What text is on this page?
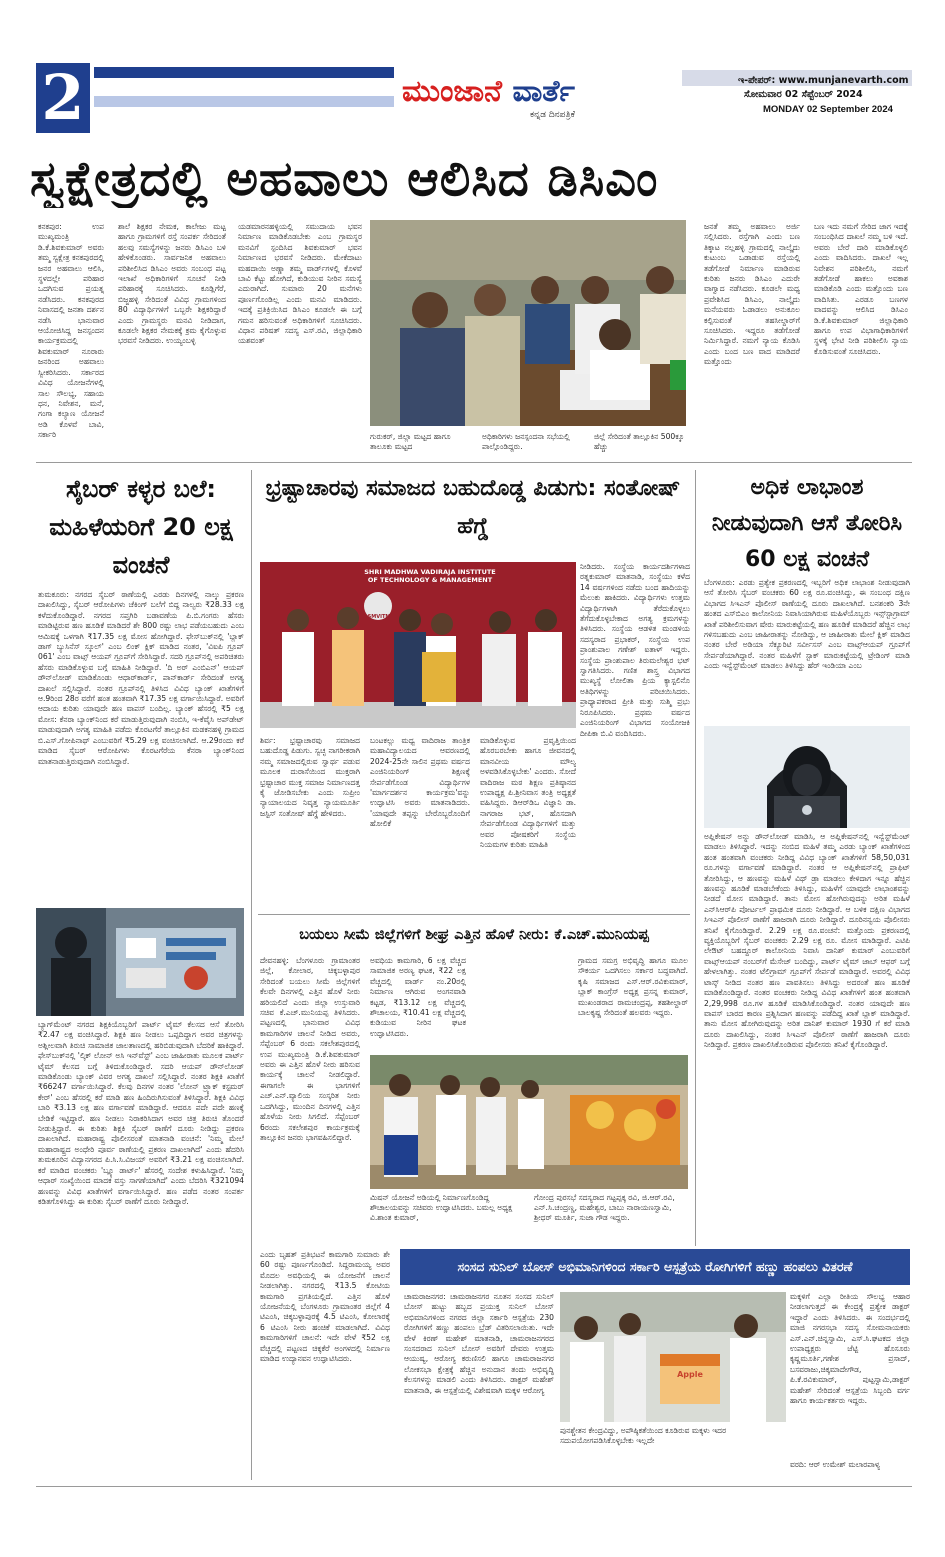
2	ಮುಂಜಾನೆ ವಾರ್ತೆ
ಕನ್ನಡ ದಿನಪತ್ರಿಕೆ
ಇ-ಪೇಪರ್: www.munjanevarth.com
ಸೋಮವಾರ 02 ಸೆಪ್ಟೆಂಬರ್ 2024
MONDAY 02 September 2024
ಸ್ವಕ್ಷೇತ್ರದಲ್ಲಿ ಅಹವಾಲು ಆಲಿಸಿದ ಡಿಸಿಎಂ
ಕನಕಪುರ: ಉಪ ಮುಖ್ಯಮಂತ್ರಿ ಡಿ.ಕೆ.ಶಿವಕುಮಾರ್ ಅವರು ತಮ್ಮ ಸ್ವಕ್ಷೇತ್ರ ಕನಕಪುರದಲ್ಲಿ ಜನರ ಅಹವಾಲು ಆಲಿಸಿ, ಸ್ಥಳದಲ್ಲೇ ಪರಿಹಾರ ಒದಗಿಸುವ ಪ್ರಯತ್ನ ನಡೆಸಿದರು. ಕನಕಪುರದ ನಿವಾಸದಲ್ಲಿ ಜನತಾ ದರ್ಶನ ನಡೆಸಿ ಭಾನುವಾರ ಆಯೋಜಿಸಿದ್ದ ಜನಸ್ಪಂದನ ಕಾರ್ಯಕ್ರಮದಲ್ಲಿ ಶಿವಕುಮಾರ್ ನೂರಾರು ಜನರಿಂದ ಅಹವಾಲು ಸ್ವೀಕರಿಸಿದರು. ಸರ್ಕಾರದ ವಿವಿಧ ಯೋಜನೆಗಳಲ್ಲಿ ಸಾಲ ಸೌಲಭ್ಯ, ಸಹಾಯ ಧನ, ನಿವೇಶನ, ಮನೆ, ಗಂಗಾ ಕಲ್ಯಾಣ ಯೋಜನೆ ಅಡಿ ಕೊಳವೆ ಬಾವಿ, ಸರ್ಕಾರಿ
ಶಾಲೆ ಶಿಕ್ಷಕರ ನೇಮಕ, ಕಾಲೇಜು ಮಟ್ಟ ಹಾಗೂ ಗ್ರಾಮಗಳಿಗೆ ರಸ್ತೆ ಸಂಪರ್ಕ ಸೇರಿದಂತೆ ಹಲವು ಸಮಸ್ಯೆಗಳನ್ನು ಜನರು ಡಿಸಿಎಂ ಬಳಿ ಹೇಳಿಕೊಂಡರು. ಸಾರ್ವಜನಿಕ ಅಹವಾಲು ಪರಿಶೀಲಿಸಿದ ಡಿಸಿಎಂ ಅವರು ಸಂಬಂಧ ಪಟ್ಟ ಇಲಾಖೆ ಅಧಿಕಾರಿಗಳಿಗೆ ಸೂಚನೆ ನೀಡಿ ಪರಿಹಾರಕ್ಕೆ ಸೂಚಿಸಿದರು. ಕೂಡ್ಲಿಗೆರೆ, ಬಿಜ್ಜಹಳ್ಳಿ ಸೇರಿದಂತೆ ವಿವಿಧ ಗ್ರಾಮಗಳಿಂದ 80 ವಿದ್ಯಾರ್ಥಿಗಳಿಗೆ ಒಬ್ಬರೇ ಶಿಕ್ಷಕರಿದ್ದಾರೆ ಎಂದು ಗ್ರಾಮಸ್ಥರು ಮನವಿ ನೀಡಿದಾಗ, ಕೂಡಲೇ ಶಿಕ್ಷಕರ ನೇಮಕಕ್ಕೆ ಕ್ರಮ ಕೈಗೊಳ್ಳುವ ಭರವಸೆ ನೀಡಿದರು. ಉಯ್ಯಂಬಳ್ಳಿ
ಯಡಮಾರನಹಳ್ಳಿಯಲ್ಲಿ ಸಮುದಾಯ ಭವನ ನಿರ್ಮಾಣ ಮಾಡಿಕೊಡಬೇಕು ಎಂಬ ಗ್ರಾಮಸ್ಥರ ಮನವಿಗೆ ಸ್ಪಂದಿಸಿದ ಶಿವಕುಮಾರ್ ಭವನ ನಿರ್ಮಾಣದ ಭರವಸೆ ನೀಡಿದರು. ಮೇಕೆದಾಟು ಮಹದಾಯಿ ಅಣ್ಣಾ ತಮ್ಮ ವಾರ್ಡ್‌ಗಳಲ್ಲಿ ಕೊಳವೆ ಬಾವಿ ಕೆಟ್ಟು ಹೋಗಿದೆ, ಕುಡಿಯುವ ನೀರಿನ ಸಮಸ್ಯೆ ಎದುರಾಗಿದೆ. ಸುಮಾರು 20 ಮನೆಗಳು ಪೂರ್ಣಗೊಂಡಿಲ್ಲ ಎಂದು ಮನವಿ ಮಾಡಿದರು. ಇದಕ್ಕೆ ಪ್ರತಿಕ್ರಿಯಿಸಿದ ಡಿಸಿಎಂ ಕೂಡಲೇ ಈ ಬಗ್ಗೆ ಗಮನ ಹರಿಸುವಂತೆ ಅಧಿಕಾರಿಗಳಿಗೆ ಸೂಚಿಸಿದರು. ವಿಧಾನ ಪರಿಷತ್ ಸದಸ್ಯ ಎಸ್.ರವಿ, ಜಿಲ್ಲಾಧಿಕಾರಿ ಯಶವಂತ್
ಗುರುಕರ್, ಜಿಲ್ಲಾ ಮಟ್ಟದ ಹಾಗೂ ತಾಲೂಕು ಮಟ್ಟದ
ಅಧಿಕಾರಿಗಳು ಜನಸ್ಪಂದನಾ ಸಭೆಯಲ್ಲಿ ಪಾಲ್ಗೊಂಡಿದ್ದರು.
ಜಿಲ್ಲೆ ಸೇರಿದಂತೆ ತಾಲ್ಲೂಕಿನ 500ಕ್ಕೂ ಹೆಚ್ಚು
ಜನತೆ ತಮ್ಮ ಅಹವಾಲು ಅರ್ಜಿ ಸಲ್ಲಿಸಿದರು. ರಸ್ತೆಗಾಗಿ ಎಂದು ಬಣ ತಿಕ್ಕಾಟ ನಲ್ಲಹಳ್ಳಿ ಗ್ರಾಮದಲ್ಲಿ ನಾಲ್ಕೈದು ಕುಟುಂಬ ಒಡಾಡುವ ರಸ್ತೆಯಲ್ಲಿ ತಡೆಗೋಡೆ ನಿರ್ಮಾಣ ಮಾಡಿರುವ ಕುರಿತು ಜನರು ಡಿಸಿಎಂ ಎದುರೇ ವಾಗ್ವಾದ ನಡೆಸಿದರು. ಕೂಡಲೇ ಮಧ್ಯ ಪ್ರವೇಶಿಸಿದ ಡಿಸಿಎಂ, ನಾಲ್ಕೈದು ಮನೆಯವರು ಓಡಾಡಲು ಅನುಕೂಲ ಕಲ್ಪಿಸುವಂತೆ ತಹಸೀಲ್ದಾರ್‌ಗೆ ಸೂಚಿಸಿದರು. ಇದ್ದರೂ ತಡೆಗೋಡೆ ನಿರ್ಮಿಸಿದ್ದಾರೆ. ನಮಗೆ ನ್ಯಾಯ ಕೊಡಿಸಿ ಎಂದು ಬಂದ ಬಣ ವಾದ ಮಾಡಿದರೆ ಮತ್ತೊಂದು
ಬಣ ಇದು ನಮಗೆ ಸೇರಿದ ಜಾಗ ಇದಕ್ಕೆ ಸಂಬಂಧಿಸಿದ ದಾಖಲೆ ನಮ್ಮ ಬಳಿ ಇದೆ. ಅವರು ಬೇರೆ ದಾರಿ ಮಾಡಿಕೊಳ್ಳಲಿ ಎಂದು ವಾದಿಸಿದರು. ದಾಖಲೆ ಇಲ್ಲ ನಿವೇಶನ ಪರಿಶೀಲಿಸಿ, ನಮಗೆ ತಡೆಗೋಡೆ ಹಾಕಲು ಅವಕಾಶ ಮಾಡಿಕೊಡಿ ಎಂದು ಮತ್ತೊಂದು ಬಣ ವಾದಿಸಿತು. ಎರಡೂ ಬಣಗಳ ವಾದವನ್ನು ಆಲಿಸಿದ ಡಿಸಿಎಂ ಡಿ.ಕೆ.ಶಿವಕುಮಾರ್ ಜಿಲ್ಲಾಧಿಕಾರಿ ಹಾಗೂ ಉಪ ವಿಭಾಗಾಧಿಕಾರಿಗಳಿಗೆ ಸ್ಥಳಕ್ಕೆ ಭೇಟಿ ನೀಡಿ ಪರಿಶೀಲಿಸಿ ನ್ಯಾಯ ಕೊಡಿಸುವಂತೆ ಸೂಚಿಸಿದರು.
ಸೈಬರ್ ಕಳ್ಳರ ಬಲೆ: ಮಹಿಳೆಯರಿಗೆ 20 ಲಕ್ಷ ವಂಚನೆ
ತುಮಕೂರು: ನಗರದ ಸೈಬರ್ ಠಾಣೆಯಲ್ಲಿ ಎರಡು ದಿನಗಳಲ್ಲಿ ನಾಲ್ಕು ಪ್ರಕರಣ ದಾಖಲಿಸಿದ್ದು, ಸೈಬರ್ ಆರೋಪಿಗಳು ಚೆಕಿಂಗ್ ಬಲೆಗೆ ಬಿದ್ದ ನಾಲ್ವರು ₹28.33 ಲಕ್ಷ ಕಳೆದುಕೊಂಡಿದ್ದಾರೆ. ನಗರದ ಸಪ್ತಗಿರಿ ಬಡಾವಣೆಯ ಪಿ.ಬಿ.ಗಂಗರು ಹೆಸರು ಮಾಡಿಟ್ಟಿರುವ ಹಣ ಹೂಡಿಕೆ ಮಾಡಿದರೆ ಶೇ 800 ರಷ್ಟು ಲಾಭ ಪಡೆಯಬಹುದು ಎಂಬ ಆಮಿಷಕ್ಕೆ ಒಳಗಾಗಿ ₹17.35 ಲಕ್ಷ ಮೋಸ ಹೋಗಿದ್ದಾರೆ. ಫೇಸ್‌ಬುಕ್‌ನಲ್ಲಿ 'ಬ್ಲಾಕ್ ಡಾಗ್ ಬ್ಯುಸಿನೆಸ್ ಸ್ಕೂಲ್' ಎಂಬ ಲಿಂಕ್ ಕ್ಲಿಕ್ ಮಾಡಿದ ನಂತರ, 'ವಿಐಪಿ ಗ್ರೂಪ್ 061' ಎಂಬ ವಾಟ್ಸ್ ಆಯಪ್ ಗ್ರೂಪ್‌ಗೆ ಸೇರಿಸಿದ್ದಾರೆ. ಸದರಿ ಗ್ರೂಪ್‌ನಲ್ಲಿ ಅಪರಿಚಿತರು ಹೆಸರು ಮಾಡಿಕೊಳ್ಳುವ ಬಗ್ಗೆ ಮಾಹಿತಿ ನೀಡಿದ್ದಾರೆ. 'ದಿ ಅರ್ ಎಂಬಿಎನ್' ಆಯಪ್ ಡೌನ್‌ಲೋಡ್ ಮಾಡಿಕೊಂಡು ಆಧಾರ್‌ಕಾರ್ಡ್, ಪಾನ್‌ಕಾರ್ಡ್ ಸೇರಿದಂತೆ ಅಗತ್ಯ ದಾಖಲೆ ಸಲ್ಲಿಸಿದ್ದಾರೆ. ನಂತರ ಗ್ರೂಪ್‌ನಲ್ಲಿ ತಿಳಿಸಿದ ವಿವಿಧ ಬ್ಯಾಂಕ್ ಖಾತೆಗಳಿಗೆ ಆ.9ರಿಂದ 28ರ ವರೆಗೆ ಹಂತ ಹಂತವಾಗಿ ₹17.35 ಲಕ್ಷ ವರ್ಗಾಯಿಸಿದ್ದಾರೆ. ಅವರಿಗೆ ಆದಾಯ ಕುರಿತು ಯಾವುದೇ ಹಣ ವಾಪಸ್ ಬಂದಿಲ್ಲ. ಬ್ಯಾಂಕ್ ಹೆಸರಲ್ಲಿ ₹5 ಲಕ್ಷ ಮೋಸ: ಕೆನರಾ ಬ್ಯಾಂಕ್‌ನಿಂದ ಕರೆ ಮಾಡುತ್ತಿರುವುದಾಗಿ ನಂಬಿಸಿ, ಇ-ಕೆವೈಸಿ ಅಪ್‌ಡೇಟ್ ಮಾಡುವುದಾಗಿ ಅಗತ್ಯ ಮಾಹಿತಿ ಪಡೆದು ಕೊರಟಗೆರೆ ತಾಲ್ಲೂಕಿನ ಮಡಕನಹಳ್ಳಿ ಗ್ರಾಮದ ಬಿ.ಎಸ್.ಗೋಪಿನಾಥ್ ಎಂಬುವರಿಗೆ ₹5.29 ಲಕ್ಷ ವಂಚಿಸಲಾಗಿದೆ. ಆ.29ರಂದು ಕರೆ ಮಾಡಿದ ಸೈಬರ್ ಆರೋಪಿಗಳು ಕೊರಟಗೆರೆಯ ಕೆನರಾ ಬ್ಯಾಂಕ್‌ನಿಂದ ಮಾತನಾಡುತ್ತಿರುವುದಾಗಿ ನಂಬಿಸಿದ್ದಾರೆ.
ಬ್ಯಾಗ್‌ಮೆಂಟ್ ನಗರದ ಶಿಕ್ಷಕಿಯೊಬ್ಬರಿಗೆ ಪಾರ್ಟ್ ಟೈಮ್ ಕೆಲಸದ ಆಸೆ ತೋರಿಸಿ ₹2.47 ಲಕ್ಷ ವಂಚಿಸಿದ್ದಾರೆ. ಶಿಕ್ಷಕಿ ಹಣ ನೀಡಲು ಒಪ್ಪದಿದ್ದಾಗ ಅವರ ಚಿತ್ರಗಳನ್ನು ಅಶ್ಲೀಲವಾಗಿ ತಿರುಚಿ ಸಾಮಾಜಿಕ ಜಾಲತಾಣದಲ್ಲಿ ಹರಿಬಿಡುವುದಾಗಿ ಬೆದರಿಕೆ ಹಾಕಿದ್ದಾರೆ. ಫೇಸ್‌ಬುಕ್‌ನಲ್ಲಿ 'ಲ್ಕಿಕ್ ಲೋನ್ ಅಸಿ ಇನ್‌ವೆಸ್ಟ್' ಎಂಬ ಜಾಹೀರಾತು ಮೂಲಕ ಪಾರ್ಟ್ ಟೈಮ್ ಕೆಲಸದ ಬಗ್ಗೆ ತಿಳಿದುಕೊಂಡಿದ್ದಾರೆ. ಸದರಿ ಆಯಪ್ ಡೌನ್‌ಲೋಡ್ ಮಾಡಿಕೊಂಡು ಬ್ಯಾಂಕ್ ವಿವರ ಅಗತ್ಯ ದಾಖಲೆ ಸಲ್ಲಿಸಿದ್ದಾರೆ. ನಂತರ ಶಿಕ್ಷಕಿ ಖಾತೆಗೆ ₹66247 ವರ್ಗಾಯಿಸಿದ್ದಾರೆ. ಕೆಲವು ದಿನಗಳ ನಂತರ 'ಲೋನ್ ಟ್ರ್ಯಾಕ್ ಕಸ್ಟಮರ್ ಕೇರ್' ಎಂಬ ಹೆಸರಲ್ಲಿ ಕರೆ ಮಾಡಿ ಹಣ ಹಿಂದಿರುಗಿಸುವಂತೆ ತಿಳಿಸಿದ್ದಾರೆ. ಶಿಕ್ಷಕಿ ವಿವಿಧ ಬಾರಿ ₹3.13 ಲಕ್ಷ ಹಣ ವರ್ಗಾವಣೆ ಮಾಡಿದ್ದಾರೆ. ಆದರೂ ಪದೇ ಪದೇ ಹಣಕ್ಕೆ ಬೇಡಿಕೆ ಇಟ್ಟಿದ್ದಾರೆ. ಹಣ ನೀಡಲು ನಿರಾಕರಿಸಿದಾಗ ಅವರ ಚಿತ್ರ ತಿರುಚಿ ತೊಂದರೆ ನೀಡುತ್ತಿದ್ದಾರೆ. ಈ ಕುರಿತು ಶಿಕ್ಷಕಿ ಸೈಬರ್ ಠಾಣೆಗೆ ದೂರು ನೀಡಿದ್ದು ಪ್ರಕರಣ ದಾಖಲಾಗಿದೆ. ಮಹಾರಾಷ್ಟ್ರ ಪೊಲೀಸರಂತೆ ಮಾತನಾಡಿ ವಂಚನೆ: 'ನಿಮ್ಮ ಮೇಲೆ ಮಹಾರಾಷ್ಟ್ರದ ಅಂಧೇರಿ ಪೂರ್ವ ಠಾಣೆಯಲ್ಲಿ ಪ್ರಕರಣ ದಾಖಲಾಗಿದೆ' ಎಂದು ಹೆದರಿಸಿ ತುಮಕೂರಿನ ವಿದ್ಯಾನಗರದ ಪಿ.ಸಿ.ಸಿ.ವಿಜಯ್ ಅವರಿಗೆ ₹3.21 ಲಕ್ಷ ವಂಚಿಸಲಾಗಿದೆ. ಕರೆ ಮಾಡಿದ ವಂಚಕರು 'ಬ್ಲ್ಯೂ ಡಾರ್ಟ್' ಹೆಸರಲ್ಲಿ ಸಂದೇಶ ಕಳುಹಿಸಿದ್ದಾರೆ. 'ನಿಮ್ಮ ಆಧಾರ್ ಸಂಖ್ಯೆಯಿಂದ ಮಾದಕ ವಸ್ತು ಸಾಗಣೆಯಾಗಿದೆ' ಎಂದು ಬೆದರಿಸಿ ₹321094 ಹಣವನ್ನು ವಿವಿಧ ಖಾತೆಗಳಿಗೆ ವರ್ಗಾಯಿಸಿದ್ದಾರೆ. ಹಣ ಪಡೆದ ನಂತರ ಸಂಪರ್ಕ ಕಡಿತಗೊಳಿಸಿದ್ದು ಈ ಕುರಿತು ಸೈಬರ್ ಠಾಣೆಗೆ ದೂರು ನೀಡಿದ್ದಾರೆ.
ಭ್ರಷ್ಟಾಚಾರವು ಸಮಾಜದ ಬಹುದೊಡ್ಡ ಪಿಡುಗು: ಸಂತೋಷ್ ಹೆಗ್ಡೆ
SHRI MADHWA VADIRAJA INSTITUTE OF TECHNOLOGY & MANAGEMENT
SMVITM
ನೀಡಿದರು. ಸಂಸ್ಥೆಯ ಕಾರ್ಯದರ್ಶಿಗಳಾದ ರತ್ನಕುಮಾರ್ ಮಾತನಾಡಿ, ಸಂಸ್ಥೆಯು ಕಳೆದ 14 ವರ್ಷಗಳಿಂದ ನಡೆದು ಬಂದ ಹಾದಿಯನ್ನು ಮೆಲುಕು ಹಾಕಿದರು. ವಿದ್ಯಾರ್ಥಿಗಳು ಉತ್ತಮ ವಿದ್ಯಾರ್ಥಿಗಳಾಗಿ ತೆರೆದುಕೊಳ್ಳಲು ತೆಗೆದುಕೊಳ್ಳಬೇಕಾದ ಅಗತ್ಯ ಕ್ರಮಗಳನ್ನು ತಿಳಿಸಿದರು. ಸಂಸ್ಥೆಯ ಆಡಳಿತ ಮಂಡಳಿಯ ಸದಸ್ಯರಾದ ಪ್ರಭಾಕರ್, ಸಂಸ್ಥೆಯ ಉಪ ಪ್ರಾಂಶುಪಾಲ ಗಣೇಶ್ ಐತಾಳ್ ಇದ್ದರು. ಸಂಸ್ಥೆಯ ಪ್ರಾಂಶುಪಾಲ ತಿರುಮಲೇಶ್ವರ ಭಟ್ ಸ್ವಾಗತಿಸಿದರು. ಗಣಿತ ಶಾಸ್ತ್ರ ವಿಭಾಗದ ಮುಖ್ಯಸ್ಥೆ ಲೋಲಿತಾ ಪ್ರಿಯ ಕ್ಯಾಸ್ಟಲಿನೊ ಅತಿಥಿಗಳನ್ನು ಪರಿಚಯಿಸಿದರು. ಪ್ರಾಧ್ಯಾಪಕರಾದ ಪ್ರೀತಿ ಮತ್ತು ಸುಶ್ಮಿ ಪ್ರಭು ನಿರೂಪಿಸಿದರು. ಪ್ರಥಮ ವರ್ಷದ ಎಂಜಿನಿಯರಿಂಗ್ ವಿಭಾಗದ ಸಂಯೋಜಕಿ ದೀಪಿಕಾ ಬಿ.ವಿ ವಂದಿಸಿದರು.
ಶಿರ್ವ: ಭ್ರಷ್ಟಾಚಾರವು ಸಮಾಜದ ಬಹುದೊಡ್ಡ ಪಿಡುಗು. ಸ್ವಚ್ಛ ನಾಗರೀಕರಾಗಿ ನಮ್ಮ ಸಮಾಜದಲ್ಲಿರುವ ಸ್ವಾರ್ಥ ಪಡುವ ಮೂಲಕ ದುರಾಸೆಯಿಂದ ಮುಕ್ತರಾಗಿ ಭ್ರಷ್ಟಾಚಾರ ಮುಕ್ತ ಸಮಾಜ ನಿರ್ಮಾಣದತ್ತ ಕೈ ಜೋಡಿಸಬೇಕು ಎಂದು ಸುಪ್ರೀಂ ನ್ಯಾಯಾಲಯದ ನಿವೃತ್ತ ನ್ಯಾಯಮೂರ್ತಿ ಜಸ್ಟಿಸ್ ಸಂತೋಷ್ ಹೆಗ್ಡೆ ಹೇಳಿದರು.
ಬಂಟಕಲ್ಲು ಮಧ್ವ ವಾದಿರಾಜ ತಾಂತ್ರಿಕ ಮಹಾವಿದ್ಯಾಲಯದ ಆವರಣದಲ್ಲಿ 2024-25ನೇ ಸಾಲಿನ ಪ್ರಥಮ ವರ್ಷದ ಎಂಜಿನಿಯರಿಂಗ್ ಶಿಕ್ಷಣಕ್ಕೆ ಸೇರ್ಪಡೆಗೊಂಡ ವಿದ್ಯಾರ್ಥಿಗಳ 'ಮಾರ್ಗದರ್ಶನ ಕಾರ್ಯಕ್ರಮ'ವನ್ನು ಉದ್ಘಾಟಿಸಿ ಅವರು ಮಾತನಾಡಿದರು. 'ಯಾವುದೇ ತಪ್ಪನ್ನು ಬೇರೊಬ್ಬರೊಂದಿಗೆ ಹೋಲಿಕೆ
ಮಾಡಿಕೊಳ್ಳುವ ಪ್ರವೃತ್ತಿಯಿಂದ ಹೊರಬರಬೇಕು ಹಾಗೂ ಜೀವನದಲ್ಲಿ ಮಾನವೀಯ ಮೌಲ್ಯ ಅಳವಡಿಸಿಕೊಳ್ಳಬೇಕು' ಎಂದರು. ಸೋದೆ ವಾದಿರಾಜ ಮಠ ಶಿಕ್ಷಣ ಪ್ರತಿಷ್ಠಾನದ ಉಪಾಧ್ಯಕ್ಷ ಪಿ.ಶ್ರೀನಿವಾಸ ತಂತ್ರಿ ಅಧ್ಯಕ್ಷತೆ ವಹಿಸಿದ್ದರು. ಡಿಆರ್‌ಡಿಒ ವಿಜ್ಞಾನಿ ಡಾ. ನಾಗರಾಜ ಭಟ್, ಹೊಸದಾಗಿ ಸೇರ್ಪಡೆಗೊಂಡ ವಿದ್ಯಾರ್ಥಿಗಳಿಗೆ ಮತ್ತು ಅವರ ಪೋಷಕರಿಗೆ ಸಂಸ್ಥೆಯ ನಿಯಮಗಳ ಕುರಿತು ಮಾಹಿತಿ
ಬಯಲು ಸೀಮೆ ಜಿಲ್ಲೆಗಳಿಗೆ ಶೀಘ್ರ ಎತ್ತಿನ ಹೊಳೆ ನೀರು: ಕೆ.ಎಚ್.ಮುನಿಯಪ್ಪ
ದೇವನಹಳ್ಳಿ: ಬೆಂಗಳೂರು ಗ್ರಾಮಾಂತರ ಜಿಲ್ಲೆ, ಕೋಲಾರ, ಚಿಕ್ಕಬಳ್ಳಾಪುರ ಸೇರಿದಂತೆ ಬಯಲು ಸೀಮೆ ಜಿಲ್ಲೆಗಳಿಗೆ ಕೆಲವೇ ದಿನಗಳಲ್ಲಿ ಎತ್ತಿನ ಹೊಳೆ ನೀರು ಹರಿಯಲಿದೆ ಎಂದು ಜಿಲ್ಲಾ ಉಸ್ತುವಾರಿ ಸಚಿವ ಕೆ.ಎಚ್.ಮುನಿಯಪ್ಪ ತಿಳಿಸಿದರು. ಪಟ್ಟಣದಲ್ಲಿ ಭಾನುವಾರ ವಿವಿಧ ಕಾಮಗಾರಿಗಳ ಚಾಲನೆ ನೀಡಿದ ಅವರು, ಸೆಪ್ಟೆಂಬರ್ 6 ರಂದು ಸಕಲೇಶಪುರದಲ್ಲಿ ಉಪ ಮುಖ್ಯಮಂತ್ರಿ ಡಿ.ಕೆ.ಶಿವಕುಮಾರ್ ಅವರು ಈ ಎತ್ತಿನ ಹೊಳೆ ನೀರು ಹರಿಸುವ ಕಾರ್ಯಕ್ಕೆ ಚಾಲನೆ ನೀಡಲಿದ್ದಾರೆ. ಈಗಾಗಲೇ ಈ ಭಾಗಗಳಿಗೆ ಎಚ್.ಎನ್.ವ್ಯಾಲಿಯ ಸಂಸ್ಕರಿತ ನೀರು ಒದಗಿಸಿದ್ದು, ಮುಂದಿನ ದಿನಗಳಲ್ಲಿ ಎತ್ತಿನ ಹೊಳೆಯ ನೀರು ಸಿಗಲಿದೆ. ಸೆಪ್ಟೆಂಬರ್ 6ರಂದು ಸಕಲೇಶಪುರ ಕಾರ್ಯಕ್ರಮಕ್ಕೆ ತಾಲ್ಲೂಕಿನ ಜನರು ಭಾಗವಹಿಸಲಿದ್ದಾರೆ.
ಅವಧಿಯ ಕಾಮಗಾರಿ, 6 ಲಕ್ಷ ವೆಚ್ಚದ ಸಾಮಾಜಿಕ ಅರಣ್ಯ ಘಟಕ, ₹22 ಲಕ್ಷ ವೆಚ್ಚದಲ್ಲಿ ವಾರ್ಡ್ ನಂ.20ರಲ್ಲಿ ನಿರ್ಮಾಣ ಆಗಿರುವ ಅಂಗನವಾಡಿ ಕಟ್ಟಡ, ₹13.12 ಲಕ್ಷ ವೆಚ್ಚದಲ್ಲಿ ಶೌಚಾಲಯ, ₹10.41 ಲಕ್ಷ ವೆಚ್ಚದಲ್ಲಿ ಕುಡಿಯುವ ನೀರಿನ ಘಟಕ ಉದ್ಘಾಟಿಸಿದರು.
ಗ್ರಾಮದ ಸಮಗ್ರ ಅಭಿವೃದ್ಧಿ ಹಾಗೂ ಮೂಲ ಸೌಕರ್ಯ ಒದಗಿಸಲು ಸರ್ಕಾರ ಬದ್ಧವಾಗಿದೆ. ಕೃಷಿ ಸಮಾಜದ ಎಸ್.ಆರ್.ರವಿಕುಮಾರ್, ಬ್ಲಾಕ್ ಕಾಂಗ್ರೆಸ್ ಅಧ್ಯಕ್ಷ ಪ್ರಸನ್ನ ಕುಮಾರ್, ಮುಖಂಡರಾದ ರಾಮಚಂದ್ರಪ್ಪ, ತಹಶೀಲ್ದಾರ್ ಬಾಲಕೃಷ್ಣ ಸೇರಿದಂತೆ ಹಲವರು ಇದ್ದರು.
ಮಿಷನ್ ಯೋಜನೆ ಅಡಿಯಲ್ಲಿ ನಿರ್ಮಾಣಗೊಂಡಿದ್ದ ಶೌಚಾಲಯವನ್ನು ಸಚಿವರು ಉದ್ಘಾಟಿಸಿದರು. ಬಮಲ್ಲ ಅಧ್ಯಕ್ಷ ವಿ.ಶಾಂತ ಕುಮಾರ್,
ಗೋಂದ್ರ ಪುರಸಭೆ ಸದಸ್ಯರಾದ ಗಟ್ಟಪ್ಪಕ್ಕ ರವಿ, ಜಿ.ಆರ್.ರವಿ, ಎನ್.ಸಿ.ಚಂದ್ರಣ್ಣ, ಮಹೇಶ್ವರ, ಬಾಬು ನಾರಾಯಣಸ್ವಾಮಿ, ಶ್ರೀಧರ್ ಮೂರ್ತಿ, ಸುಜಾ ಗೌಡ ಇದ್ದರು.
ಎಂದು ಬೃಹತ್ ಪ್ರತಿಭಟನೆ ಕಾಮಗಾರಿ ಸುಮಾರು ಶೇ 60 ರಷ್ಟು ಪೂರ್ಣಗೊಂಡಿದೆ. ಸಿದ್ದರಾಮಯ್ಯ ಅವರ ಮೊದಲ ಅವಧಿಯಲ್ಲಿ ಈ ಯೋಜನೆಗೆ ಚಾಲನೆ ನೀಡಲಾಗಿತ್ತು. ನಗರದಲ್ಲಿ ₹13.5 ಕೋಟಿಯ ಕಾಮಗಾರಿ ಪ್ರಗತಿಯಲ್ಲಿದೆ. ಎತ್ತಿನ ಹೊಳೆ ಯೋಜನೆಯಲ್ಲಿ ಬೆಂಗಳೂರು ಗ್ರಾಮಾಂತರ ಜಿಲ್ಲೆಗೆ 4 ಟಿಎಂಸಿ, ಚಿಕ್ಕಬಳ್ಳಾಪುರಕ್ಕೆ 4.5 ಟಿಎಂಸಿ, ಕೋಲಾರಕ್ಕೆ 6 ಟಿಎಂಸಿ ನೀರು ಹಂಚಿಕೆ ಮಾಡಲಾಗಿದೆ. ವಿವಿಧ ಕಾಮಗಾರಿಗಳಿಗೆ ಚಾಲನೆ: ಇದೇ ವೇಳೆ ₹52 ಲಕ್ಷ ವೆಚ್ಚದಲ್ಲಿ ಪಟ್ಟಣದ ಚಿಕ್ಕಕೆರೆ ಅಂಗಳದಲ್ಲಿ ನಿರ್ಮಾಣ ಮಾಡಿದ ಉದ್ಯಾನವನ ಉದ್ಘಾಟಿಸಿದರು.
ಅಧಿಕ ಲಾಭಾಂಶ ನೀಡುವುದಾಗಿ ಆಸೆ ತೋರಿಸಿ 60 ಲಕ್ಷ ವಂಚನೆ
ಬೆಂಗಳೂರು: ಎರಡು ಪ್ರತ್ಯೇಕ ಪ್ರಕರಣದಲ್ಲಿ ಇಬ್ಬರಿಗೆ ಅಧಿಕ ಲಾಭಾಂಶ ನೀಡುವುದಾಗಿ ಆಸೆ ತೋರಿಸಿ ಸೈಬರ್ ವಂಚಕರು 60 ಲಕ್ಷ ರೂ.ವಂಚಿಸಿದ್ದು, ಈ ಸಂಬಂಧ ದಕ್ಷಿಣ ವಿಭಾಗದ ಸಿಇಎನ್ ಪೊಲೀಸ್ ಠಾಣೆಯಲ್ಲಿ ದೂರು ದಾಖಲಾಗಿದೆ. ಬನಶಂಕರಿ 3ನೇ ಹಂತದ ಎಸ್‌ಬಿಎಂ ಕಾಲೋನಿಯ ನಿವಾಸಿಯಾಗಿರುವ ಮಹಿಳೆಯೊಬ್ಬರು ಇನ್ಸ್‌ಸ್ಟಾಗ್ರಾಮ್ ಖಾತೆ ಪರಿಶೀಲಿಸುವಾಗ ಷೇರು ಮಾರುಕಟ್ಟೆಯಲ್ಲಿ ಹಣ ಹೂಡಿಕೆ ಮಾಡಿದರೆ ಹೆಚ್ಚಿನ ಲಾಭ ಗಳಿಸಬಹುದು ಎಂಬ ಜಾಹೀರಾತನ್ನು ನೋಡಿದ್ದು, ಆ ಜಾಹೀರಾತು ಮೇಲೆ ಕ್ಲಿಕ್ ಮಾಡಿದ ನಂತರ ಬೇರೆ ಅಡಿಯಾ ಸೆಕ್ಯೂರಿಟಿ ಸರ್ವೀಸಸ್ ಎಂಬ ವಾಟ್ಸ್ಆಯಪ್ ಗ್ರೂಪ್‌ಗೆ ಸೇರ್ಪಡೆಯಾಗಿದ್ದಾರೆ. ನಂತರ ಮಹಿಳೆಗೆ ಸ್ಟಾಕ್ ಮಾರುಕಟ್ಟೆಯಲ್ಲಿ ಟ್ರೇಡಿಂಗ್ ಮಾಡಿ ಎಂದು ಇನ್ವೆಸ್ಟ್‌ಮೆಂಟ್ ಮಾಡಲು ತಿಳಿಸಿದ್ದು ಹೆರ್ ಇಂಡಿಯಾ ಎಂಬ
ಅಪ್ಲಿಕೇಷನ್ ಅನ್ನು ಡೌನ್‌ಲೋಡ್ ಮಾಡಿಸಿ, ಆ ಅಪ್ಲಿಕೇಷನ್‌ನಲ್ಲಿ ಇನ್ವೆಸ್ಟ್‌ಮೆಂಟ್ ಮಾಡಲು ತಿಳಿಸಿದ್ದಾರೆ. ಇದನ್ನು ನಂಬಿದ ಮಹಿಳೆ ತಮ್ಮ ಎರಡು ಬ್ಯಾಂಕ್ ಖಾತೆಗಳಿಂದ ಹಂತ ಹಂತವಾಗಿ ವಂಚಕರು ನೀಡಿದ್ದ ವಿವಿಧ ಬ್ಯಾಂಕ್ ಖಾತೆಗಳಿಗೆ 58,50,031 ರೂ.ಗಳನ್ನು ವರ್ಗಾವಣೆ ಮಾಡಿದ್ದಾರೆ. ನಂತರ ಆ ಅಪ್ಲಿಕೇಷನ್‌ನಲ್ಲಿ ಪ್ರಾಫಿಟ್ ತೋರಿಸಿದ್ದು, ಆ ಹಣವನ್ನು ಮಹಿಳೆ ವಿಥ್ ಡ್ರಾ ಮಾಡಲು ಕೇಳಿದಾಗ ಇನ್ನೂ ಹೆಚ್ಚಿನ ಹಣವನ್ನು ಹೂಡಿಕೆ ಮಾಡಬೇಕೆಂದು ತಿಳಿಸಿದ್ದು, ಮಹಿಳೆಗೆ ಯಾವುದೇ ಲಾಭಾಂಶವನ್ನು ನೀಡದೆ ಮೋಸ ಮಾಡಿದ್ದಾರೆ. ತಾನು ಮೋಸ ಹೋಗಿರುವುದನ್ನು ಅರಿತ ಮಹಿಳೆ ಎನ್‌ಸಿಆರ್‌ಪಿ ಪೋರ್ಟಲ್ ಪ್ರಾಥಮಿಕ ದೂರು ನೀಡಿದ್ದಾರೆ. ಆ ಬಳಿಕ ದಕ್ಷಿಣ ವಿಭಾಗದ ಸಿಇಎನ್ ಪೊಲೀಸ್ ಠಾಣೆಗೆ ಹಾಜರಾಗಿ ದೂರು ನೀಡಿದ್ದಾರೆ. ದೂರಿನನ್ವಯ ಪೊಲೀಸರು ತನಿಖೆ ಕೈಗೊಂಡಿದ್ದಾರೆ. 2.29 ಲಕ್ಷ ರೂ.ವಂಚನೆ: ಮತ್ತೊಂದು ಪ್ರಕರಣದಲ್ಲಿ ವ್ಯಕ್ತಿಯೊಬ್ಬರಿಗೆ ಸೈಬರ್ ವಂಚಕರು 2.29 ಲಕ್ಷ ರೂ. ಮೋಸ ಮಾಡಿದ್ದಾರೆ. ಎಟಿಪಿ ಲೇಔಟ್ ಬಹದ್ದೂರ್ ಕಾಲೋನಿಯ ನಿವಾಸಿ ದಾನಿಶ್ ಕುಮಾರ್ ಎಂಬುವರಿಗೆ ವಾಟ್ಸ್ಆಯಪ್ ನಂಬರ್‌ಗೆ ಮೆಸೇಜ್ ಬಂದಿದ್ದು, ಪಾರ್ಟ್ ಟೈಮ್ ಜಾಬ್ ಆಫರ್ ಬಗ್ಗೆ ಹೇಳಲಾಗಿತ್ತು. ನಂತರ ಟೆಲಿಗ್ರಾಮ್ ಗ್ರೂಪ್‌ಗೆ ಸೇರ್ಪಡೆ ಮಾಡಿದ್ದಾರೆ. ಅವರಲ್ಲಿ ವಿವಿಧ ಟಾಸ್ಕ್ ನೀಡಿದ ನಂತರ ಹಣ ಪಾವತಿಸಲು ತಿಳಿಸಿದ್ದು ಅದರಂತೆ ಹಣ ಹೂಡಿಕೆ ಮಾಡಿಕೊಂಡಿದ್ದಾರೆ. ನಂತರ ವಂಚಕರು ನೀಡಿದ್ದ ವಿವಿಧ ಖಾತೆಗಳಿಗೆ ಹಂತ ಹಂತವಾಗಿ 2,29,998 ರೂ.ಗಳ ಹೂಡಿಕೆ ಮಾಡಿಸಿಕೊಂಡಿದ್ದಾರೆ. ನಂತರ ಯಾವುದೇ ಹಣ ವಾಪಸ್ ಬಾರದ ಕಾರಣ ಪ್ರಶ್ನಿಸಿದಾಗ ಹಣವನ್ನು ಪಡೆದಿದ್ದ ಖಾತೆ ಬ್ಲಾಕ್ ಮಾಡಿದ್ದಾರೆ. ತಾನು ಮೋಸ ಹೋಗಿರುವುದನ್ನು ಅರಿತ ದಾನಿಶ್ ಕುಮಾರ್ 1930 ಗೆ ಕರೆ ಮಾಡಿ ದೂರು ದಾಖಲಿಸಿದ್ದು, ನಂತರ ಸಿಇಎನ್ ಪೊಲೀಸ್ ಠಾಣೆಗೆ ಹಾಜರಾಗಿ ದೂರು ನೀಡಿದ್ದಾರೆ. ಪ್ರಕರಣ ದಾಖಲಿಸಿಕೊಂಡಿರುವ ಪೊಲೀಸರು ತನಿಖೆ ಕೈಗೊಂಡಿದ್ದಾರೆ.
ಸಂಸದ ಸುನಿಲ್ ಬೋಸ್ ಅಭಿಮಾನಿಗಳಿಂದ ಸರ್ಕಾರಿ ಆಸ್ಪತ್ರೆಯ ರೋಗಿಗಳಿಗೆ ಹಣ್ಣು ಹಂಪಲು ವಿತರಣೆ
ಚಾಮರಾಜನಗರ: ಚಾಮರಾಜನಗರ ನೂತನ ಸಂಸದ ಸುನಿಲ್ ಬೋಸ್ ಹುಟ್ಟು ಹಬ್ಬದ ಪ್ರಯುಕ್ತ ಸುನಿಲ್ ಬೋಸ್ ಅಭಿಮಾನಿಗಳಿಂದ ನಗರದ ಜಿಲ್ಲಾ ಸರ್ಕಾರಿ ಆಸ್ಪತ್ರೆಯ 230 ರೋಗಿಗಳಿಗೆ ಹಣ್ಣು ಹಂಪಲು ಬ್ರೆಡ್ ವಿತರಿಸಲಾಯಿತು. ಇದೇ ವೇಳೆ ಕಿರಣ್ ಮಹೇಶ್ ಮಾತನಾಡಿ, ಚಾಮರಾಜನಗರದ ಸಂಸದರಾದ ಸುನಿಲ್ ಬೋಸ್ ಅವರಿಗೆ ದೇವರು ಉತ್ತಮ ಆಯುಷ್ಯ, ಆರೋಗ್ಯ ಕರುಣಿಸಲಿ ಹಾಗೂ ಚಾಮರಾಜನಗರ ಲೋಕಸಭಾ ಕ್ಷೇತ್ರಕ್ಕೆ ಹೆಚ್ಚಿನ ಅನುದಾನ ತಂದು ಅಭಿವೃದ್ಧಿ ಕೆಲಸಗಳನ್ನು ಮಾಡಲಿ ಎಂದು ತಿಳಿಸಿದರು. ಡಾಕ್ಟರ್ ಮಹೇಶ್ ಮಾತನಾಡಿ, ಈ ಆಸ್ಪತ್ರೆಯಲ್ಲಿ ವಿಶೇಷವಾಗಿ ಮಕ್ಕಳ ಆರೋಗ್ಯ
Apple
ಮಕ್ಕಳಿಗೆ ಎಲ್ಲಾ ರೀತಿಯ ಸೌಲಭ್ಯ ಆಹಾರ ನೀಡಲಾಗುತ್ತದೆ ಈ ಕೇಂದ್ರಕ್ಕೆ ಪ್ರತ್ಯೇಕ ಡಾಕ್ಟರ್ ಇದ್ದಾರೆ ಎಂದು ತಿಳಿಸಿದರು. ಈ ಸಂದರ್ಭದಲ್ಲಿ ಮಾಜಿ ನಗರಸಭಾ ಸದಸ್ಯ ಸೋಮನಾಯಕರು ಎಸ್.ಎನ್.ಚಿನ್ನಸ್ವಾಮಿ, ಎಸ್.ಸಿ.ಘಟಕದ ಜಿಲ್ಲಾ ಉಪಾಧ್ಯಕ್ಷರು ಜೆಟ್ಟಿ ಹೊಸೂರು ಕೃಷ್ಣಮೂರ್ತಿ,ಗಣೇಶ ಪ್ರಸಾದ್, ಬಸವರಾಜು,ಚಿಕ್ಕಮಾದೇಗೌಡ, ಪಿ.ಕೆ.ರವಿಕುಮಾರ್, ಪುಟ್ಟಸ್ವಾಮಿ,ಡಾಕ್ಟರ್ ಮಹೇಶ್ ಸೇರಿದಂತೆ ಆಸ್ಪತ್ರೆಯ ಸಿಬ್ಬಂದಿ ವರ್ಗ ಹಾಗೂ ಕಾರ್ಯಕರ್ತರು ಇದ್ದರು.
ಪುನಶ್ಚೇತನ ಕೇಂದ್ರವಿದ್ದು, ಅಪೌಷ್ಠಿಕತೆಯಿಂದ ಕೂಡಿರುವ ಮಕ್ಕಳು ಇದರ ಸದುಪಯೋಗಪಡಿಸಿಕೊಳ್ಳಬೇಕು ಇಲ್ಲದೇ
ವರದಿ: ಆರ್ ಉಮೇಶ್ ಮಲಾರಪಾಳ್ಯ
